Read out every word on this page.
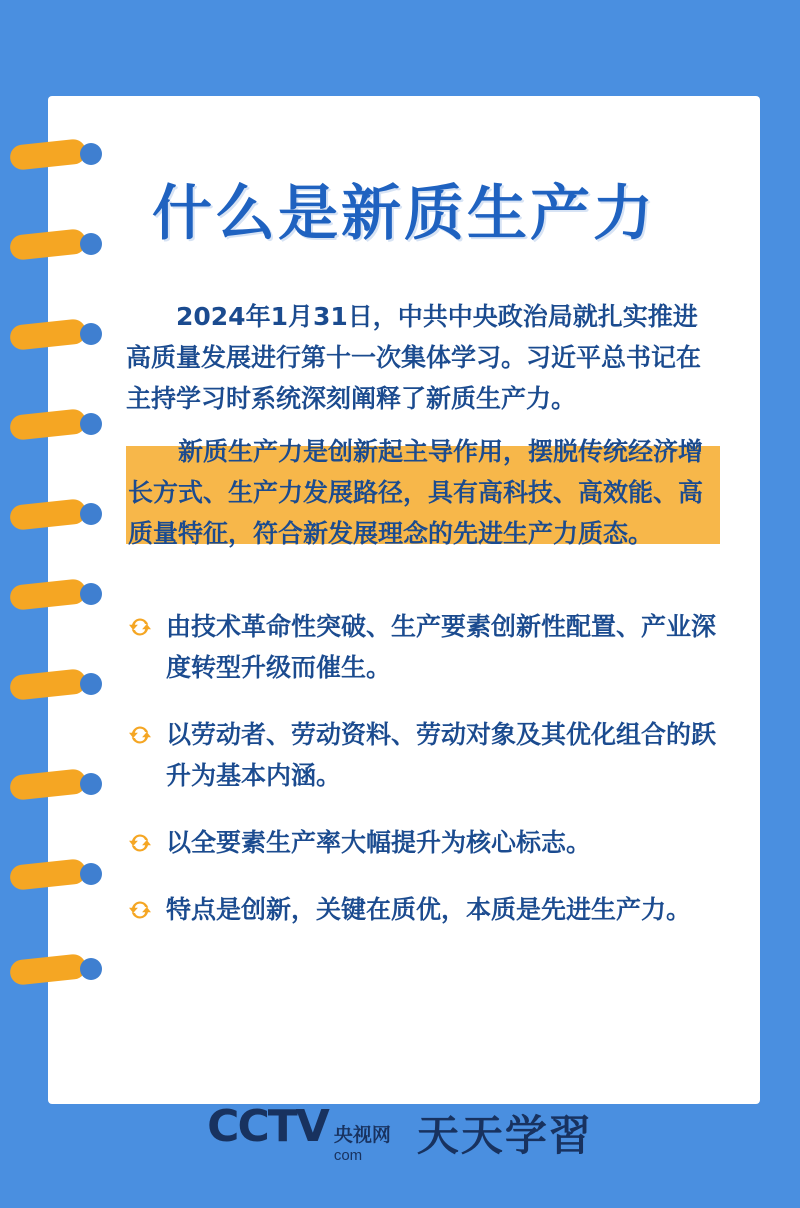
什么是新质生产力

2024年1月31日，中共中央政治局就扎实推进高质量发展进行第十一次集体学习。习近平总书记在主持学习时系统深刻阐释了新质生产力。

新质生产力是创新起主导作用，摆脱传统经济增长方式、生产力发展路径，具有高科技、高效能、高质量特征，符合新发展理念的先进生产力质态。

由技术革命性突破、生产要素创新性配置、产业深度转型升级而催生。
以劳动者、劳动资料、劳动对象及其优化组合的跃升为基本内涵。
以全要素生产率大幅提升为核心标志。
特点是创新，关键在质优，本质是先进生产力。
CCTV 央视网
com	天天学習
